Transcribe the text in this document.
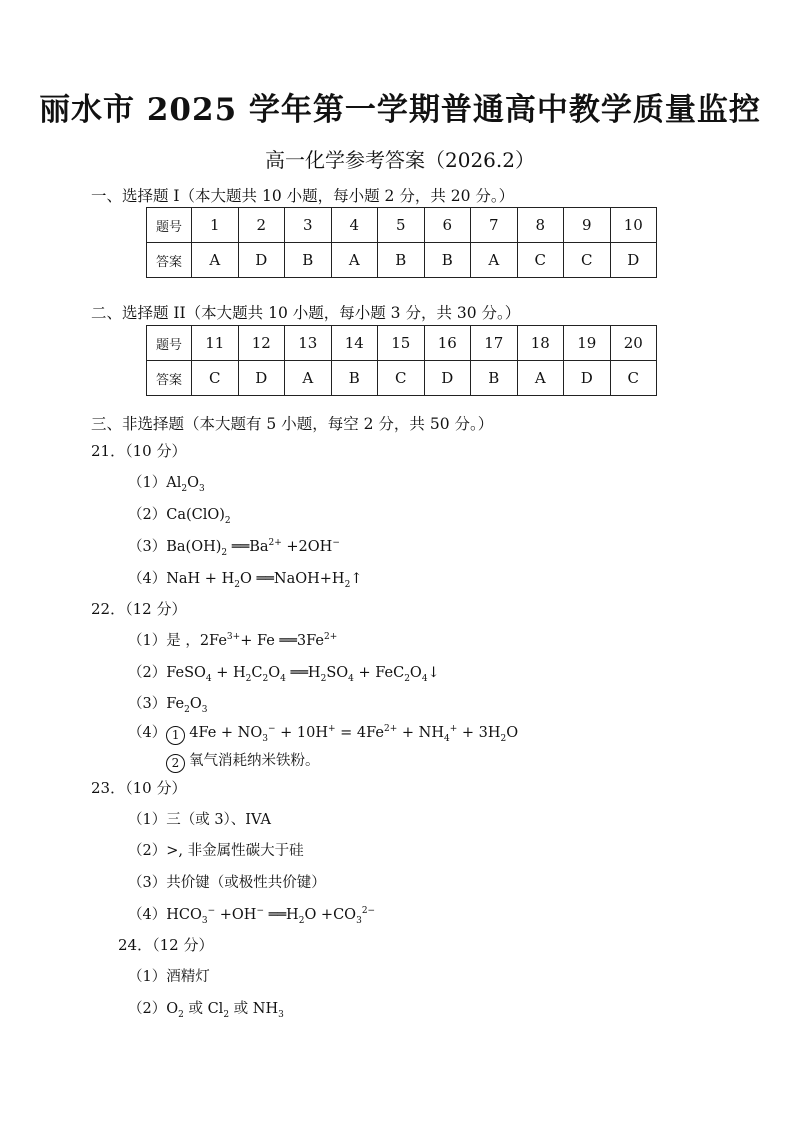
丽水市 2025 学年第一学期普通高中教学质量监控
高一化学参考答案（2026.2）
一、选择题 I（本大题共 10 小题，每小题 2 分，共 20 分。）
题号	1	2	3	4	5	6	7	8	9	10
答案	A	D	B	A	B	B	A	C	C	D
二、选择题 II（本大题共 10 小题，每小题 3 分，共 30 分。）
题号	11	12	13	14	15	16	17	18	19	20
答案	C	D	A	B	C	D	B	A	D	C
三、非选择题（本大题有 5 小题，每空 2 分，共 50 分。）
21．（10 分）
$(1)Al_2O_3$
$(2)Ca(ClO)_2$
$(3)Ba(OH)_2$ $══Ba^{2+} +2OH^-$
$(4)NaH + H_2O$ $══NaOH+H_2↑$
22．（12 分）
（1）是 ，$2Fe^{3+}+ Fe$ $══3Fe^{2+}$
（2）FeSO$_4$ + $H_2C_2O_4$ $══H_2SO_4$ + $FeC_2O_4↓$
$(3)Fe_2O_3$
（4） 1 $4Fe + NO_3^- + 10H^+ = 4Fe^{2+} + NH_4^+ + 3H_2O$
2 氧气消耗纳米铁粉。
23．（10 分）
（1）三（或 3）、IVA
（2）>, 非金属性碳大于硅
（3）共价键（或极性共价键）
$(4)HCO_3^- +OH^-$ $══H_2O +CO_3^{2-}$
24．（12 分）
（1）酒精灯
$(2)O_2$ 或 $Cl_2$ 或 $NH_3$
